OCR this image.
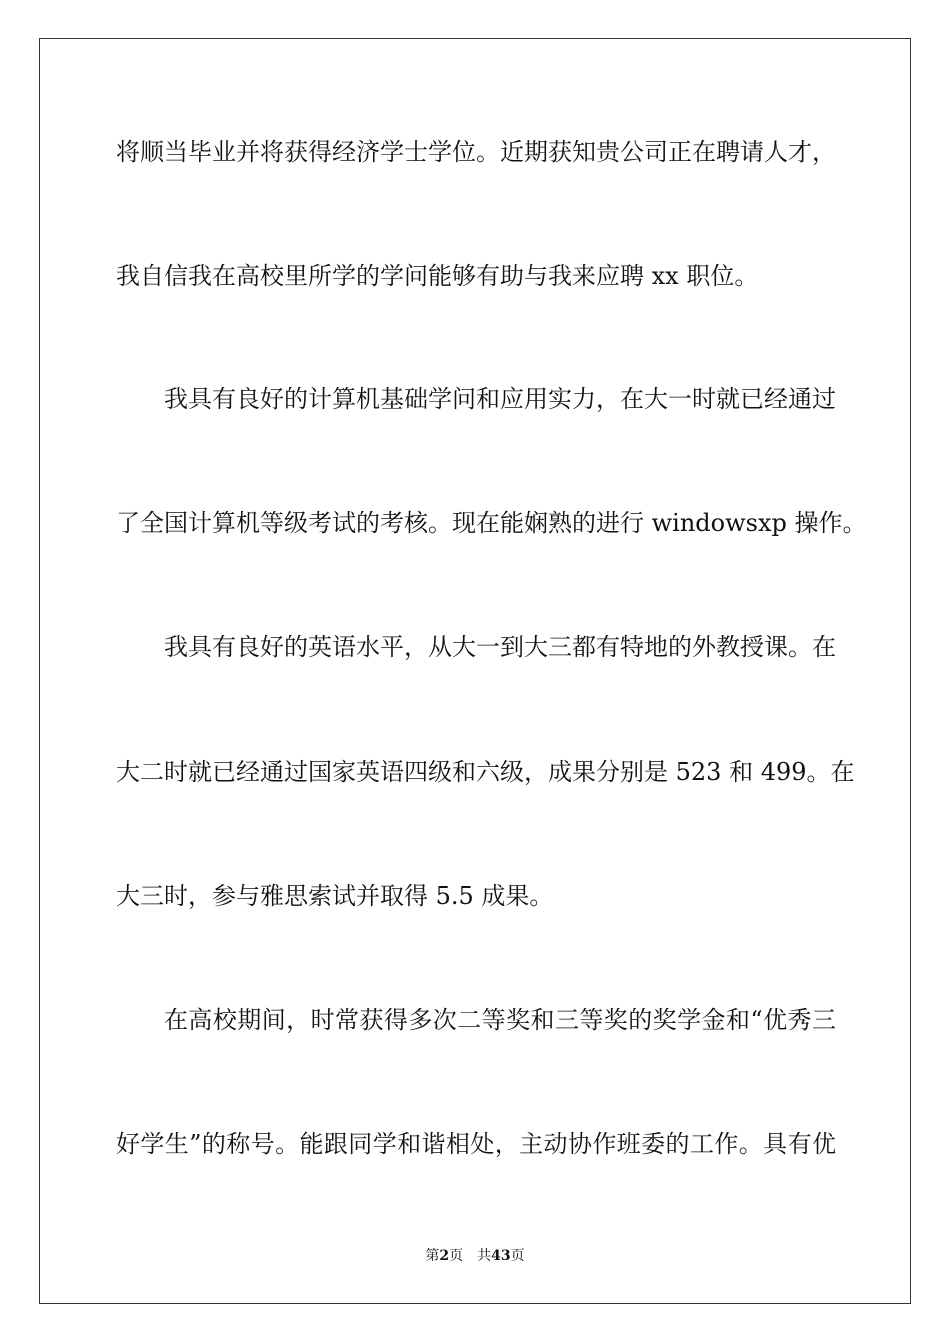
将顺当毕业并将获得经济学士学位。近期获知贵公司正在聘请人才，
我自信我在高校里所学的学问能够有助与我来应聘 xx 职位。
我具有良好的计算机基础学问和应用实力，在大一时就已经通过
了全国计算机等级考试的考核。现在能娴熟的进行 windowsxp 操作。
我具有良好的英语水平，从大一到大三都有特地的外教授课。在
大二时就已经通过国家英语四级和六级，成果分别是 523 和 499。在
大三时，参与雅思索试并取得 5.5 成果。
在高校期间，时常获得多次二等奖和三等奖的奖学金和“优秀三
好学生”的称号。能跟同学和谐相处，主动协作班委的工作。具有优
第2页 共43页
